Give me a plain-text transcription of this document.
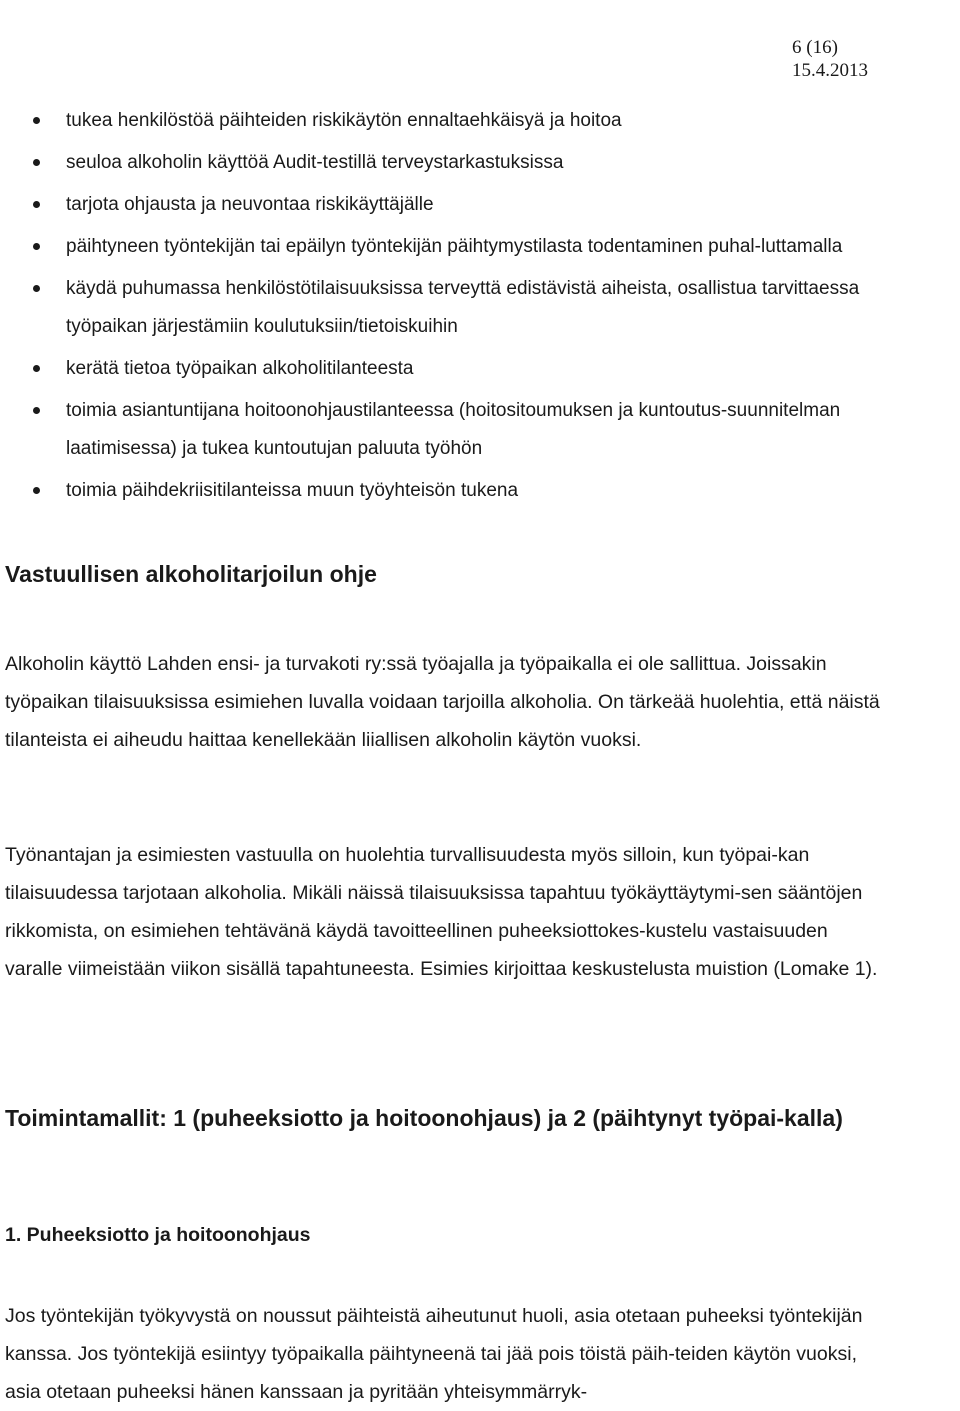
6 (16)
15.4.2013
tukea henkilöstöä päihteiden riskikäytön ennaltaehkäisyä ja hoitoa
seuloa alkoholin käyttöä Audit-testillä terveystarkastuksissa
tarjota ohjausta ja neuvontaa riskikäyttäjälle
päihtyneen työntekijän tai epäilyn työntekijän päihtymystilasta todentaminen puhal-luttamalla
käydä puhumassa henkilöstötilaisuuksissa terveyttä edistävistä aiheista, osallistua tarvittaessa työpaikan järjestämiin koulutuksiin/tietoiskuihin
kerätä tietoa työpaikan alkoholitilanteesta
toimia asiantuntijana hoitoonohjaustilanteessa (hoitositoumuksen ja kuntoutus-suunnitelman laatimisessa) ja tukea kuntoutujan paluuta työhön
toimia päihdekriisitilanteissa muun työyhteisön tukena
Vastuullisen alkoholitarjoilun ohje

Alkoholin käyttö Lahden ensi- ja turvakoti ry:ssä työajalla ja työpaikalla ei ole sallittua. Joissakin työpaikan tilaisuuksissa esimiehen luvalla voidaan tarjoilla alkoholia. On tärkeää huolehtia, että näistä tilanteista ei aiheudu haittaa kenellekään liiallisen alkoholin käytön vuoksi.

Työnantajan ja esimiesten vastuulla on huolehtia turvallisuudesta myös silloin, kun työpai-kan tilaisuudessa tarjotaan alkoholia. Mikäli näissä tilaisuuksissa tapahtuu työkäyttäytymi-sen sääntöjen rikkomista, on esimiehen tehtävänä käydä tavoitteellinen puheeksiottokes-kustelu vastaisuuden varalle viimeistään viikon sisällä tapahtuneesta. Esimies kirjoittaa keskustelusta muistion (Lomake 1).

Toimintamallit: 1 (puheeksiotto ja hoitoonohjaus) ja 2 (päihtynyt työpai-kalla)
1. Puheeksiotto ja hoitoonohjaus

Jos työntekijän työkyvystä on noussut päihteistä aiheutunut huoli, asia otetaan puheeksi työntekijän kanssa. Jos työntekijä esiintyy työpaikalla päihtyneenä tai jää pois töistä päih-teiden käytön vuoksi, asia otetaan puheeksi hänen kanssaan ja pyritään yhteisymmärryk-
